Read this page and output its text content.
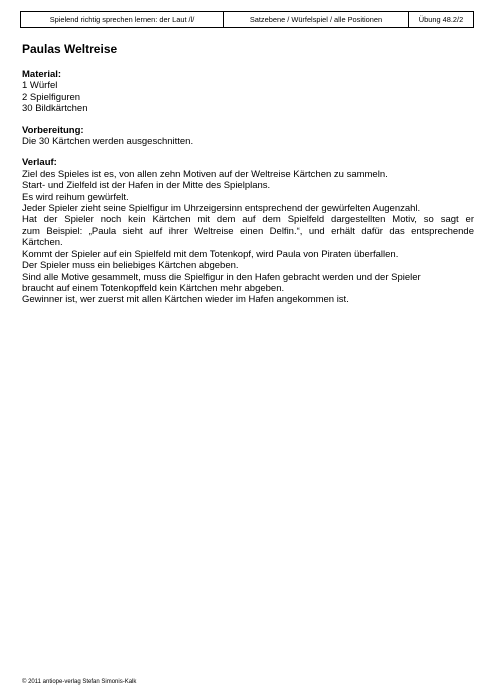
Spielend richtig sprechen lernen: der Laut /l/	Satzebene / Würfelspiel / alle Positionen	Übung 48.2/2
Paulas Weltreise
Material:
1 Würfel
2 Spielfiguren
30 Bildkärtchen
Vorbereitung:
Die 30 Kärtchen werden ausgeschnitten.
Verlauf:
Ziel des Spieles ist es, von allen zehn Motiven auf der Weltreise Kärtchen zu sammeln.
Start- und Zielfeld ist der Hafen in der Mitte des Spielplans.
Es wird reihum gewürfelt.
Jeder Spieler zieht seine Spielfigur im Uhrzeigersinn entsprechend der gewürfelten Augenzahl.
Hat der Spieler noch kein Kärtchen mit dem auf dem Spielfeld dargestellten Motiv, so sagt er
zum Beispiel: „Paula sieht auf ihrer Weltreise einen Delfin.“, und erhält dafür das entsprechende
Kärtchen.
Kommt der Spieler auf ein Spielfeld mit dem Totenkopf, wird Paula von Piraten überfallen.
Der Spieler muss ein beliebiges Kärtchen abgeben.
Sind alle Motive gesammelt, muss die Spielfigur in den Hafen gebracht werden und der Spieler
braucht auf einem Totenkopffeld kein Kärtchen mehr abgeben.
Gewinner ist, wer zuerst mit allen Kärtchen wieder im Hafen angekommen ist.
© 2011 antiope-verlag Stefan Simonis-Kalk
